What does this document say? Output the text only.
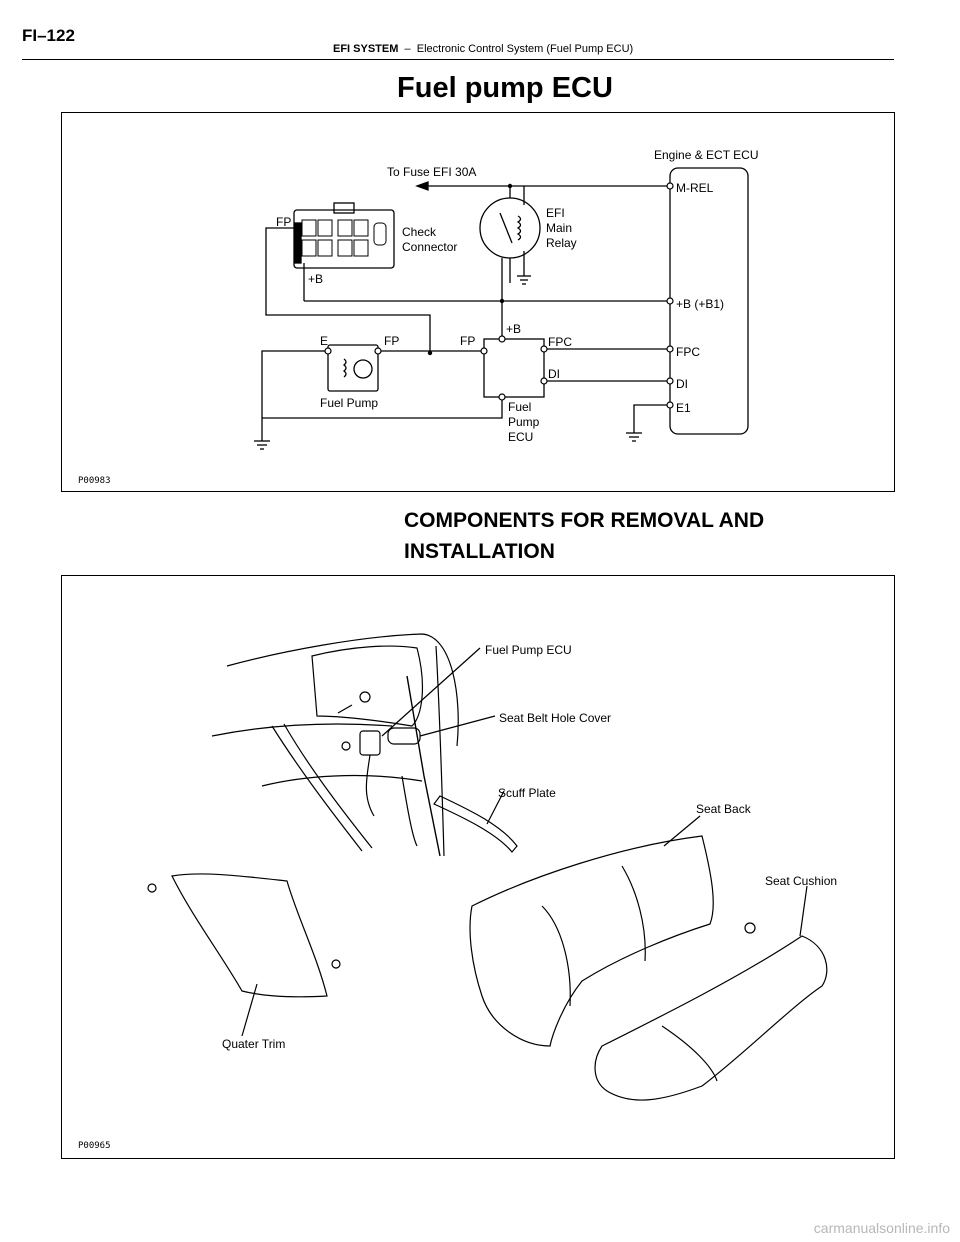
FI–122
EFI SYSTEM – Electronic Control System (Fuel Pump ECU)
Fuel pump ECU
Engine & ECT ECU
To Fuse EFI 30A
M-REL
EFI
Main
Relay
Check
Connector
FP
+B
+B (+B1)
E	FP
Fuel Pump
FP
+B
FPC
DI
Fuel
Pump
ECU
FPC
DI
E1
P00983
COMPONENTS FOR REMOVAL AND INSTALLATION
Fuel Pump ECU
Seat Belt Hole Cover
Scuff Plate
Seat Back
Seat Cushion
Quater Trim
P00965
carmanualsonline.info
